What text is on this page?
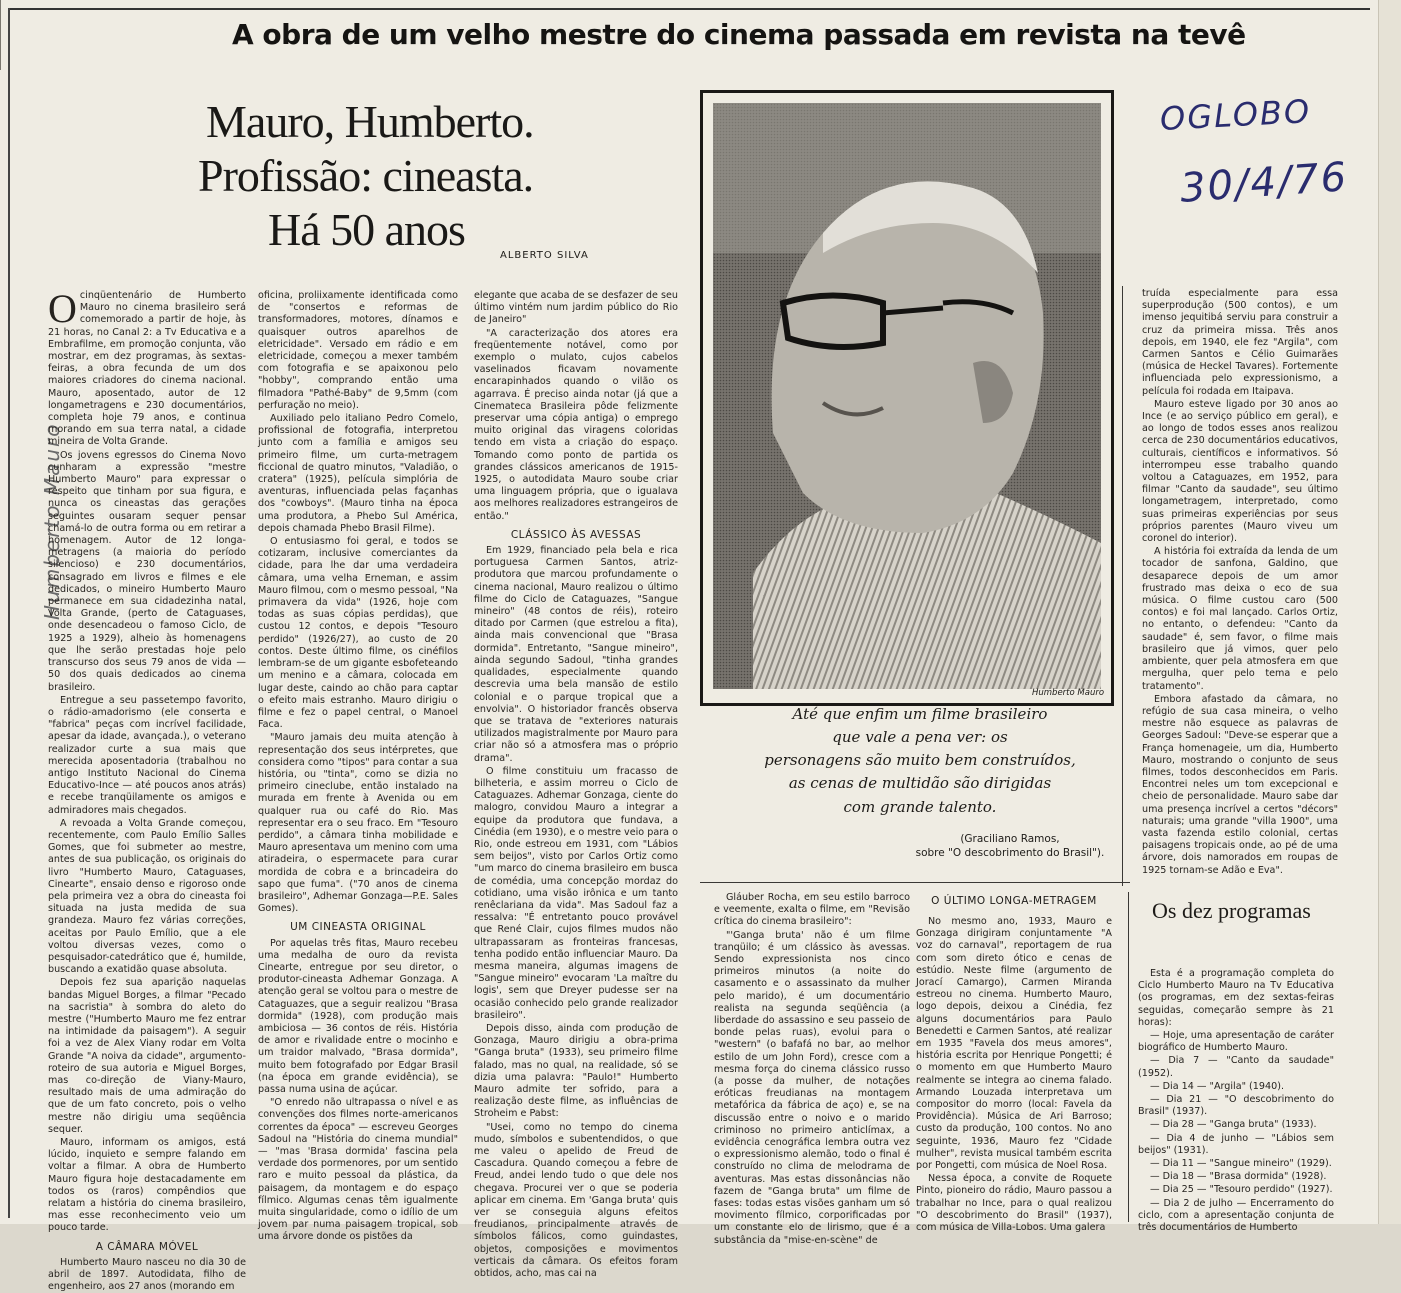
A obra de um velho mestre do cinema passada em revista na tevê
Mauro, Humberto.
Profissão: cineasta.
Há 50 anos
ALBERTO SILVA
OGLOBO
30/4/76
Humberto Mauro

Ocinqüentenário de Humberto Mauro no cinema brasileiro será comemorado a partir de hoje, às 21 horas, no Canal 2: a Tv Educativa e a Embrafilme, em promoção conjunta, vão mostrar, em dez programas, às sextas-feiras, a obra fecunda de um dos maiores criadores do cinema nacional. Mauro, aposentado, autor de 12 longametragens e 230 documentários, completa hoje 79 anos, e continua morando em sua terra natal, a cidade mineira de Volta Grande.

Os jovens egressos do Cinema Novo cunharam a expressão "mestre Humberto Mauro" para expressar o respeito que tinham por sua figura, e nunca os cineastas das gerações seguintes ousaram sequer pensar chamá-lo de outra forma ou em retirar a homenagem. Autor de 12 longa-metragens (a maioria do período silencioso) e 230 documentários, consagrado em livros e filmes e ele dedicados, o mineiro Humberto Mauro permanece em sua cidadezinha natal, Volta Grande, (perto de Cataguases, onde desencadeou o famoso Ciclo, de 1925 a 1929), alheio às homenagens que lhe serão prestadas hoje pelo transcurso dos seus 79 anos de vida — 50 dos quais dedicados ao cinema brasileiro.

Entregue a seu passetempo favorito, o rádio-amadorismo (ele conserta e "fabrica" peças com incrível facilidade, apesar da idade, avançada.), o veterano realizador curte a sua mais que merecida aposentadoria (trabalhou no antigo Instituto Nacional do Cinema Educativo-Ince — até poucos anos atrás) e recebe tranqüilamente os amigos e admiradores mais chegados.

A revoada a Volta Grande começou, recentemente, com Paulo Emílio Salles Gomes, que foi submeter ao mestre, antes de sua publicação, os originais do livro "Humberto Mauro, Cataguases, Cinearte", ensaio denso e rigoroso onde pela primeira vez a obra do cineasta foi situada na justa medida de sua grandeza. Mauro fez várias correções, aceitas por Paulo Emílio, que a ele voltou diversas vezes, como o pesquisador-catedrático que é, humilde, buscando a exatidão quase absoluta.

Depois fez sua aparição naquelas bandas Miguel Borges, a filmar "Pecado na sacristia" à sombra do aleto do mestre ("Humberto Mauro me fez entrar na intimidade da paisagem"). A seguir foi a vez de Alex Viany rodar em Volta Grande "A noiva da cidade", argumento-roteiro de sua autoria e Miguel Borges, mas co-direção de Viany-Mauro, resultado mais de uma admiração do que de um fato concreto, pois o velho mestre não dirigiu uma seqüência sequer.

Mauro, informam os amigos, está lúcido, inquieto e sempre falando em voltar a filmar. A obra de Humberto Mauro figura hoje destacadamente em todos os (raros) compêndios que relatam a história do cinema brasileiro, mas esse reconhecimento veio um pouco tarde.

A CÂMARA MÓVEL

Humberto Mauro nasceu no dia 30 de abril de 1897. Autodidata, filho de engenheiro, aos 27 anos (morando em

oficina, proliixamente identificada como de "consertos e reformas de transformadores, motores, dínamos e quaisquer outros aparelhos de eletricidade". Versado em rádio e em eletricidade, começou a mexer também com fotografia e se apaixonou pelo "hobby", comprando então uma filmadora "Pathé-Baby" de 9,5mm (com perfuração no meio).

Auxiliado pelo italiano Pedro Comelo, profissional de fotografia, interpretou junto com a família e amigos seu primeiro filme, um curta-metragem ficcional de quatro minutos, "Valadião, o cratera" (1925), película simplória de aventuras, influenciada pelas façanhas dos "cowboys". (Mauro tinha na época uma produtora, a Phebo Sul América, depois chamada Phebo Brasil Filme).

O entusiasmo foi geral, e todos se cotizaram, inclusive comerciantes da cidade, para lhe dar uma verdadeira câmara, uma velha Erneman, e assim Mauro filmou, com o mesmo pessoal, "Na primavera da vida" (1926, hoje com todas as suas cópias perdidas), que custou 12 contos, e depois "Tesouro perdido" (1926/27), ao custo de 20 contos. Deste último filme, os cinéfilos lembram-se de um gigante esbofeteando um menino e a câmara, colocada em lugar deste, caindo ao chão para captar o efeito mais estranho. Mauro dirigiu o filme e fez o papel central, o Manoel Faca.

"Mauro jamais deu muita atenção à representação dos seus intérpretes, que considera como "tipos" para contar a sua história, ou "tinta", como se dizia no primeiro cineclube, então instalado na murada em frente à Avenida ou em qualquer rua ou café do Rio. Mas representar era o seu fraco. Em "Tesouro perdido", a câmara tinha mobilidade e Mauro apresentava um menino com uma atiradeira, o espermacete para curar mordida de cobra e a brincadeira do sapo que fuma". ("70 anos de cinema brasileiro", Adhemar Gonzaga—P.E. Sales Gomes).

UM CINEASTA ORIGINAL

Por aquelas três fitas, Mauro recebeu uma medalha de ouro da revista Cinearte, entregue por seu diretor, o produtor-cineasta Adhemar Gonzaga. A atenção geral se voltou para o mestre de Cataguazes, que a seguir realizou "Brasa dormida" (1928), com produção mais ambiciosa — 36 contos de réis. História de amor e rivalidade entre o mocinho e um traidor malvado, "Brasa dormida", muito bem fotografado por Edgar Brasil (na época em grande evidência), se passa numa usina de açúcar.

"O enredo não ultrapassa o nível e as convenções dos filmes norte-americanos correntes da época" — escreveu Georges Sadoul na "História do cinema mundial" — "mas 'Brasa dormida' fascina pela verdade dos pormenores, por um sentido raro e muito pessoal da plástica, da paisagem, da montagem e do espaço fílmico. Algumas cenas têm igualmente muita singularidade, como o idílio de um jovem par numa paisagem tropical, sob uma árvore donde os pistões da

elegante que acaba de se desfazer de seu último vintém num jardim público do Rio de Janeiro"

"A caracterização dos atores era freqüentemente notável, como por exemplo o mulato, cujos cabelos vaselinados ficavam novamente encarapinhados quando o vilão os agarrava. É preciso ainda notar (já que a Cinemateca Brasileira pôde felizmente preservar uma cópia antiga) o emprego muito original das viragens coloridas tendo em vista a criação do espaço. Tomando como ponto de partida os grandes clássicos americanos de 1915-1925, o autodidata Mauro soube criar uma linguagem própria, que o igualava aos melhores realizadores estrangeiros de então."

CLÁSSICO ÀS AVESSAS

Em 1929, financiado pela bela e rica portuguesa Carmen Santos, atriz-produtora que marcou profundamente o cinema nacional, Mauro realizou o último filme do Ciclo de Cataguazes, "Sangue mineiro" (48 contos de réis), roteiro ditado por Carmen (que estrelou a fita), ainda mais convencional que "Brasa dormida". Entretanto, "Sangue mineiro", ainda segundo Sadoul, "tinha grandes qualidades, especialmente quando descrevia uma bela mansão de estilo colonial e o parque tropical que a envolvia". O historiador francês observa que se tratava de "exteriores naturais utilizados magistralmente por Mauro para criar não só a atmosfera mas o próprio drama".

O filme constituiu um fracasso de bilheteria, e assim morreu o Ciclo de Cataguazes. Adhemar Gonzaga, ciente do malogro, convidou Mauro a integrar a equipe da produtora que fundava, a Cinédia (em 1930), e o mestre veio para o Rio, onde estreou em 1931, com "Lábios sem beijos", visto por Carlos Ortiz como "um marco do cinema brasileiro em busca de comédia, uma concepção mordaz do cotidiano, uma visão irônica e um tanto renêclariana da vida". Mas Sadoul faz a ressalva: "É entretanto pouco provável que René Clair, cujos filmes mudos não ultrapassaram as fronteiras francesas, tenha podido então influenciar Mauro. Da mesma maneira, algumas imagens de "Sangue mineiro" evocaram 'La maître du logis', sem que Dreyer pudesse ser na ocasião conhecido pelo grande realizador brasileiro".

Depois disso, ainda com produção de Gonzaga, Mauro dirigiu a obra-prima "Ganga bruta" (1933), seu primeiro filme falado, mas no qual, na realidade, só se dizia uma palavra: "Paulo!" Humberto Mauro admite ter sofrido, para a realização deste filme, as influências de Stroheim e Pabst:

"Usei, como no tempo do cinema mudo, símbolos e subentendidos, o que me valeu o apelido de Freud de Cascadura. Quando começou a febre de Freud, andei lendo tudo o que dele nos chegava. Procurei ver o que se poderia aplicar em cinema. Em 'Ganga bruta' quis ver se conseguia alguns efeitos freudianos, principalmente através de símbolos fálicos, como guindastes, objetos, composições e movimentos verticais da câmara. Os efeitos foram obtidos, acho, mas cai na

Humberto Mauro
Até que enfim um filme brasileiro
que vale a pena ver: os
personagens são muito bem construídos,
as cenas de multidão são dirigidas
com grande talento.
(Graciliano Ramos,
sobre "O descobrimento do Brasil").

truída especialmente para essa superprodução (500 contos), e um imenso jequitibá serviu para construir a cruz da primeira missa. Três anos depois, em 1940, ele fez "Argila", com Carmen Santos e Célio Guimarães (música de Heckel Tavares). Fortemente influenciada pelo expressionismo, a película foi rodada em Itaipava.

Mauro esteve ligado por 30 anos ao Ince (e ao serviço público em geral), e ao longo de todos esses anos realizou cerca de 230 documentários educativos, culturais, científicos e informativos. Só interrompeu esse trabalho quando voltou a Cataguazes, em 1952, para filmar "Canto da saudade", seu último longametragem, interpretado, como suas primeiras experiências por seus próprios parentes (Mauro viveu um coronel do interior).

A história foi extraída da lenda de um tocador de sanfona, Galdino, que desaparece depois de um amor frustrado mas deixa o eco de sua música. O filme custou caro (500 contos) e foi mal lançado. Carlos Ortiz, no entanto, o defendeu: "Canto da saudade" é, sem favor, o filme mais brasileiro que já vimos, quer pelo ambiente, quer pela atmosfera em que mergulha, quer pelo tema e pelo tratamento".

Embora afastado da câmara, no refúgio de sua casa mineira, o velho mestre não esquece as palavras de Georges Sadoul: "Deve-se esperar que a França homenageie, um dia, Humberto Mauro, mostrando o conjunto de seus filmes, todos desconhecidos em Paris. Encontrei neles um tom excepcional e cheio de personalidade. Mauro sabe dar uma presença incrível a certos "décors" naturais; uma grande "villa 1900", uma vasta fazenda estilo colonial, certas paisagens tropicais onde, ao pé de uma árvore, dois namorados em roupas de 1925 tornam-se Adão e Eva".

Gláuber Rocha, em seu estilo barroco e veemente, exalta o filme, em "Revisão crítica do cinema brasileiro":

"'Ganga bruta' não é um filme tranqüilo; é um clássico às avessas. Sendo expressionista nos cinco primeiros minutos (a noite do casamento e o assassinato da mulher pelo marido), é um documentário realista na segunda seqüência (a liberdade do assassino e seu passeio de bonde pelas ruas), evolui para o "western" (o bafafá no bar, ao melhor estilo de um John Ford), cresce com a mesma força do cinema clássico russo (a posse da mulher, de notações eróticas freudianas na montagem metafórica da fábrica de aço) e, se na discussão entre o noivo e o marido criminoso no primeiro anticlímax, a evidência cenográfica lembra outra vez o expressionismo alemão, todo o final é construído no clima de melodrama de aventuras. Mas estas dissonâncias não fazem de "Ganga bruta" um filme de fases: todas estas visões ganham um só movimento fílmico, corporificadas por um constante elo de lirismo, que é a substância da "mise-en-scène" de

O ÚLTIMO LONGA-METRAGEM

No mesmo ano, 1933, Mauro e Gonzaga dirigiram conjuntamente "A voz do carnaval", reportagem de rua com som direto ótico e cenas de estúdio. Neste filme (argumento de Jorací Camargo), Carmen Miranda estreou no cinema. Humberto Mauro, logo depois, deixou a Cinédia, fez alguns documentários para Paulo Benedetti e Carmen Santos, até realizar em 1935 "Favela dos meus amores", história escrita por Henrique Pongetti; é o momento em que Humberto Mauro realmente se integra ao cinema falado. Armando Louzada interpretava um compositor do morro (local: Favela da Providência). Música de Ari Barroso; custo da produção, 100 contos. No ano seguinte, 1936, Mauro fez "Cidade mulher", revista musical também escrita por Pongetti, com música de Noel Rosa.

Nessa época, a convite de Roquete Pinto, pioneiro do rádio, Mauro passou a trabalhar no Ince, para o qual realizou "O descobrimento do Brasil" (1937), com música de Villa-Lobos. Uma galera

Os dez programas

Esta é a programação completa do Ciclo Humberto Mauro na Tv Educativa (os programas, em dez sextas-feiras seguidas, começarão sempre às 21 horas):

— Hoje, uma apresentação de caráter biográfico de Humberto Mauro.

— Dia 7 — "Canto da saudade" (1952).

— Dia 14 — "Argila" (1940).

— Dia 21 — "O descobrimento do Brasil" (1937).

— Dia 28 — "Ganga bruta" (1933).

— Dia 4 de junho — "Lábios sem beijos" (1931).

— Dia 11 — "Sangue mineiro" (1929).

— Dia 18 — "Brasa dormida" (1928).

— Dia 25 — "Tesouro perdido" (1927).

— Dia 2 de julho — Encerramento do ciclo, com a apresentação conjunta de três documentários de Humberto
